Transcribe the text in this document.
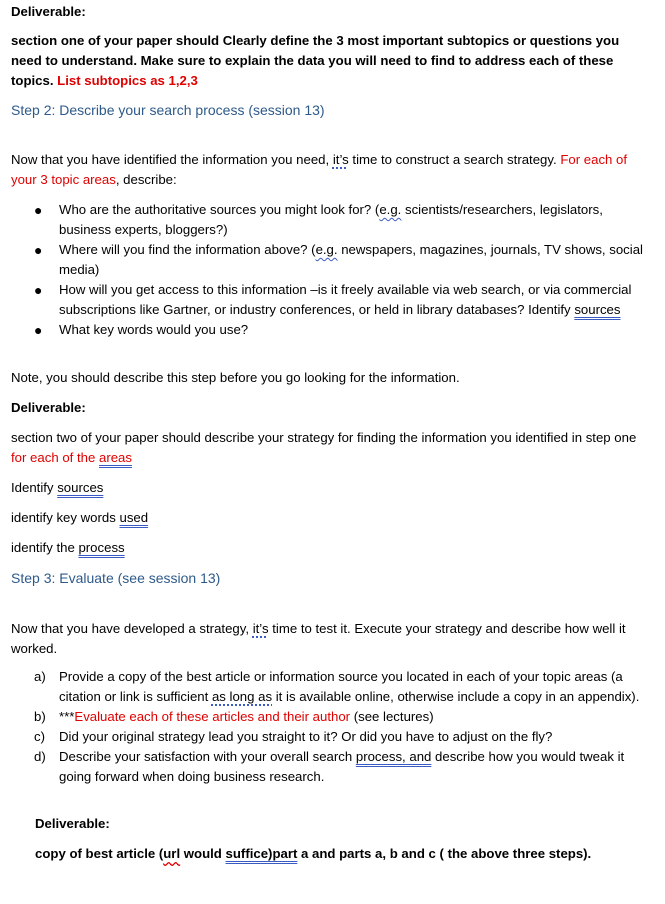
Deliverable:

section one of your paper should Clearly define the 3 most important subtopics or questions you need to understand. Make sure to explain the data you will need to find to address each of these topics. List subtopics as 1,2,3

Step 2: Describe your search process (session 13)

Now that you have identified the information you need, it’s time to construct a search strategy. For each of your 3 topic areas, describe:

● Who are the authoritative sources you might look for? (e.g. scientists/researchers, legislators, business experts, bloggers?)
● Where will you find the information above? (e.g. newspapers, magazines, journals, TV shows, social media)
● How will you get access to this information –is it freely available via web search, or via commercial subscriptions like Gartner, or industry conferences, or held in library databases? Identify sources
● What key words would you use?

Note, you should describe this step before you go looking for the information.

Deliverable:

section two of your paper should describe your strategy for finding the information you identified in step one for each of the areas

Identify sources

identify key words used

identify the process

Step 3: Evaluate (see session 13)

Now that you have developed a strategy, it’s time to test it. Execute your strategy and describe how well it worked.

a) Provide a copy of the best article or information source you located in each of your topic areas (a citation or link is sufficient as long as it is available online, otherwise include a copy in an appendix).
b) ***Evaluate each of these articles and their author (see lectures)
c) Did your original strategy lead you straight to it? Or did you have to adjust on the fly?
d) Describe your satisfaction with your overall search process, and describe how you would tweak it going forward when doing business research.

Deliverable:

copy of best article (url would suffice)part a and parts a, b and c ( the above three steps).
